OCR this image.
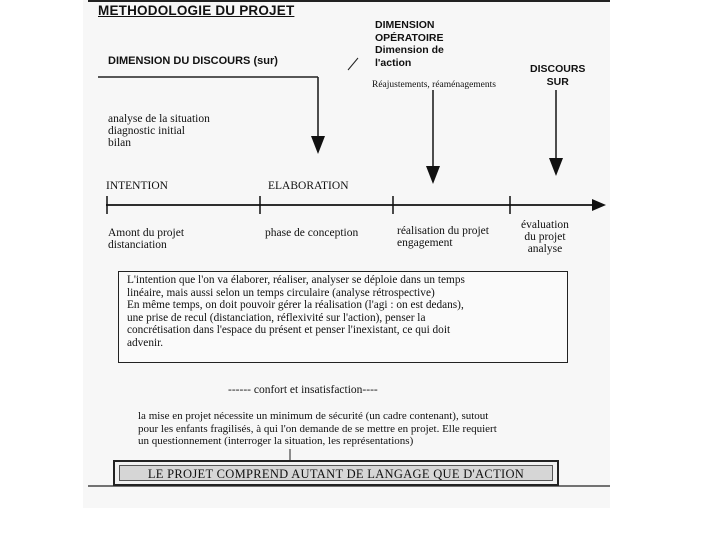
METHODOLOGIE DU PROJET
DIMENSION DU DISCOURS (sur)
DIMENSION
OPÉRATOIRE
Dimension de
l'action
Réajustements, réaménagements
DISCOURS
SUR
analyse de la situation
diagnostic initial
bilan
INTENTION	ELABORATION
Amont du projet
distanciation
phase de conception	réalisation du projet
engagement
évaluation
du projet
analyse
L'intention que l'on va élaborer, réaliser, analyser se déploie dans un temps
linéaire, mais aussi selon un temps circulaire (analyse rétrospective)
En même temps, on doit pouvoir gérer la réalisation (l'agi : on est dedans),
une prise de recul (distanciation, réflexivité sur l'action), penser la
concrétisation dans l'espace du présent et penser l'inexistant, ce qui doit
advenir.
------ confort et insatisfaction----
la mise en projet nécessite un minimum de sécurité (un cadre contenant), sutout
pour les enfants fragilisés, à qui l'on demande de se mettre en projet. Elle requiert
un questionnement (interroger la situation, les représentations)
LE PROJET COMPREND AUTANT DE LANGAGE QUE D'ACTION
